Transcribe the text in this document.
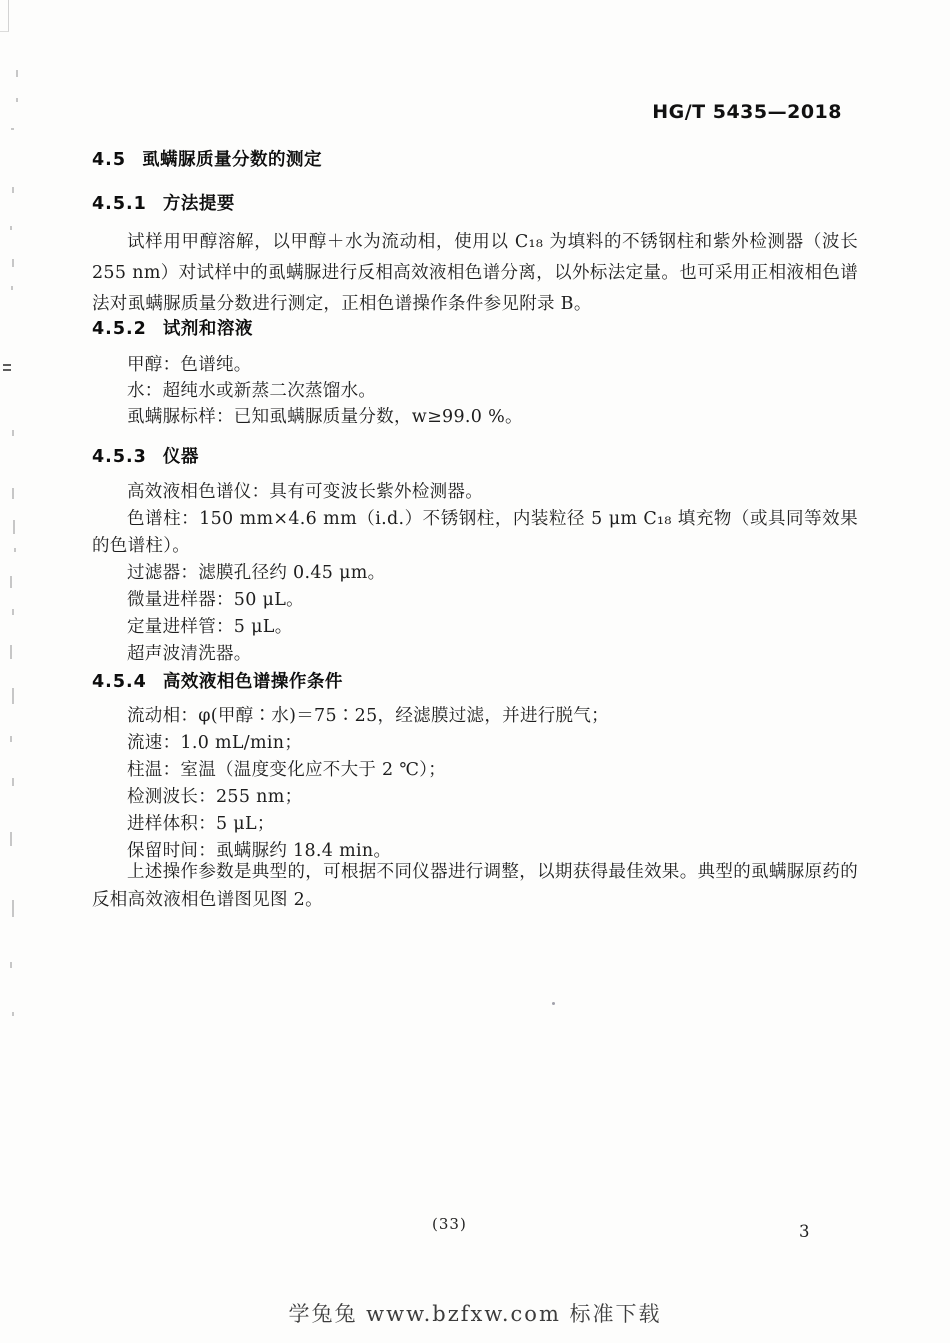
HG/T 5435—2018
4.5 虱螨脲质量分数的测定
4.5.1 方法提要
试样用甲醇溶解，以甲醇＋水为流动相，使用以 C₁₈ 为填料的不锈钢柱和紫外检测器（波长 255 nm）对试样中的虱螨脲进行反相高效液相色谱分离，以外标法定量。也可采用正相液相色谱法对虱螨脲质量分数进行测定，正相色谱操作条件参见附录 B。
4.5.2 试剂和溶液
甲醇：色谱纯。
水：超纯水或新蒸二次蒸馏水。
虱螨脲标样：已知虱螨脲质量分数，w≥99.0 %。
4.5.3 仪器
高效液相色谱仪：具有可变波长紫外检测器。
色谱柱：150 mm×4.6 mm（i.d.）不锈钢柱，内装粒径 5 μm C₁₈ 填充物（或具同等效果的色谱柱）。
过滤器：滤膜孔径约 0.45 μm。
微量进样器：50 μL。
定量进样管：5 μL。
超声波清洗器。
4.5.4 高效液相色谱操作条件
流动相：φ(甲醇∶水)＝75∶25，经滤膜过滤，并进行脱气；
流速：1.0 mL/min；
柱温：室温（温度变化应不大于 2 ℃）；
检测波长：255 nm；
进样体积：5 μL；
保留时间：虱螨脲约 18.4 min。
上述操作参数是典型的，可根据不同仪器进行调整，以期获得最佳效果。典型的虱螨脲原药的反相高效液相色谱图见图 2。
(33)	3
学兔兔 www.bzfxw.com 标准下载
